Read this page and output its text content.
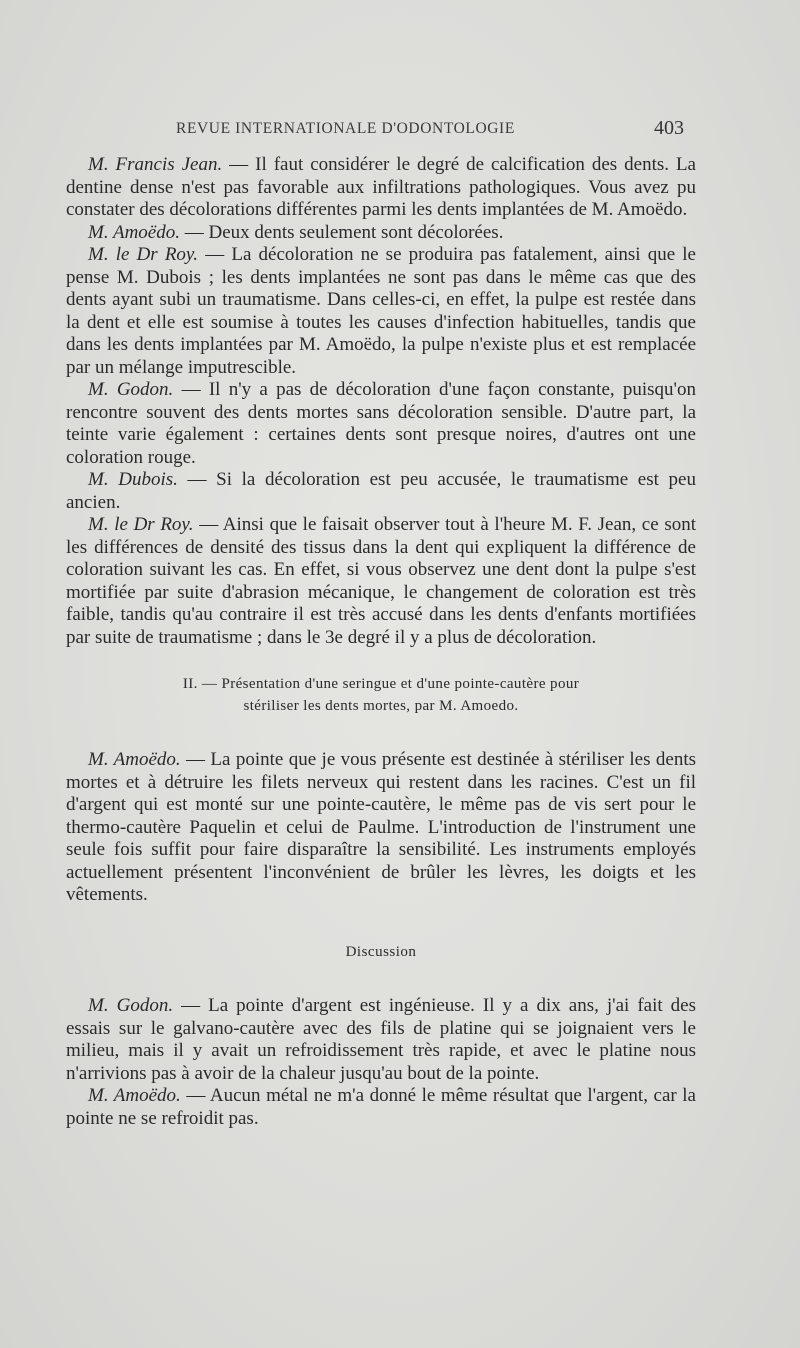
REVUE INTERNATIONALE D'ODONTOLOGIE	403

M. Francis Jean. — Il faut considérer le degré de calcification des dents. La dentine dense n'est pas favorable aux infiltrations pathologiques. Vous avez pu constater des décolorations différentes parmi les dents implantées de M. Amoëdo.

M. Amoëdo. — Deux dents seulement sont décolorées.

M. le Dr Roy. — La décoloration ne se produira pas fatalement, ainsi que le pense M. Dubois ; les dents implantées ne sont pas dans le même cas que des dents ayant subi un traumatisme. Dans celles-ci, en effet, la pulpe est restée dans la dent et elle est soumise à toutes les causes d'infection habituelles, tandis que dans les dents implantées par M. Amoëdo, la pulpe n'existe plus et est remplacée par un mélange imputrescible.

M. Godon. — Il n'y a pas de décoloration d'une façon constante, puisqu'on rencontre souvent des dents mortes sans décoloration sensible. D'autre part, la teinte varie également : certaines dents sont presque noires, d'autres ont une coloration rouge.

M. Dubois. — Si la décoloration est peu accusée, le traumatisme est peu ancien.

M. le Dr Roy. — Ainsi que le faisait observer tout à l'heure M. F. Jean, ce sont les différences de densité des tissus dans la dent qui expliquent la différence de coloration suivant les cas. En effet, si vous observez une dent dont la pulpe s'est mortifiée par suite d'abrasion mécanique, le changement de coloration est très faible, tandis qu'au contraire il est très accusé dans les dents d'enfants mortifiées par suite de traumatisme ; dans le 3e degré il y a plus de décoloration.

II. — Présentation d'une seringue et d'une pointe-cautère pour
stériliser les dents mortes, par M. Amoedo.

M. Amoëdo. — La pointe que je vous présente est destinée à stériliser les dents mortes et à détruire les filets nerveux qui restent dans les racines. C'est un fil d'argent qui est monté sur une pointe-cautère, le même pas de vis sert pour le thermo-cautère Paquelin et celui de Paulme. L'introduction de l'instrument une seule fois suffit pour faire disparaître la sensibilité. Les instruments employés actuellement présentent l'inconvénient de brûler les lèvres, les doigts et les vêtements.

Discussion

M. Godon. — La pointe d'argent est ingénieuse. Il y a dix ans, j'ai fait des essais sur le galvano-cautère avec des fils de platine qui se joignaient vers le milieu, mais il y avait un refroidissement très rapide, et avec le platine nous n'arrivions pas à avoir de la chaleur jusqu'au bout de la pointe.

M. Amoëdo. — Aucun métal ne m'a donné le même résultat que l'argent, car la pointe ne se refroidit pas.
